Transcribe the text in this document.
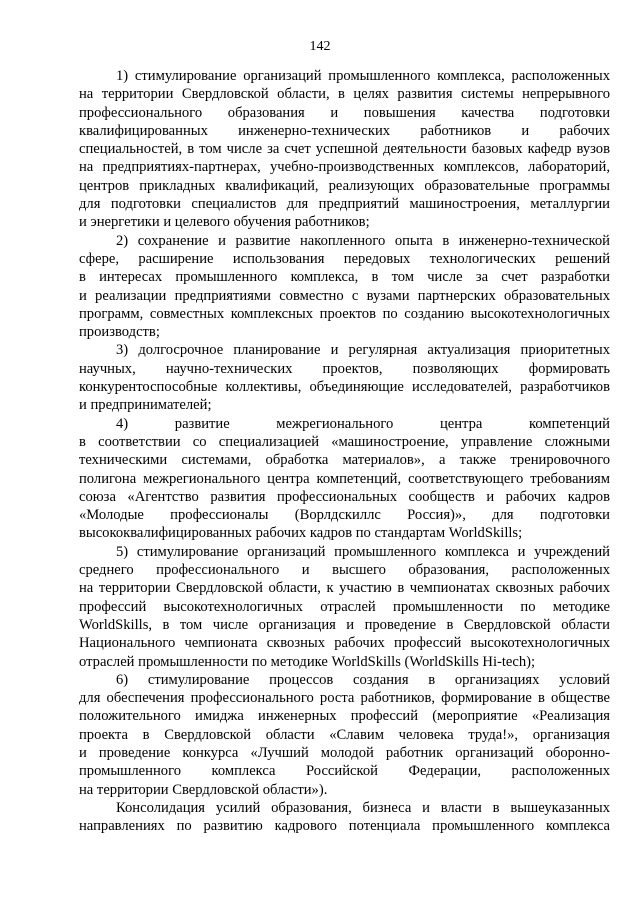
142
1) стимулирование организаций промышленного комплекса, расположенных
на территории Свердловской области, в целях развития системы непрерывного
профессионального образования и повышения качества подготовки
квалифицированных инженерно-технических работников и рабочих
специальностей, в том числе за счет успешной деятельности базовых кафедр вузов
на предприятиях-партнерах, учебно-производственных комплексов, лабораторий,
центров прикладных квалификаций, реализующих образовательные программы
для подготовки специалистов для предприятий машиностроения, металлургии
и энергетики и целевого обучения работников;
2) сохранение и развитие накопленного опыта в инженерно-технической
сфере, расширение использования передовых технологических решений
в интересах промышленного комплекса, в том числе за счет разработки
и реализации предприятиями совместно с вузами партнерских образовательных
программ, совместных комплексных проектов по созданию высокотехнологичных
производств;
3) долгосрочное планирование и регулярная актуализация приоритетных
научных, научно-технических проектов, позволяющих формировать
конкурентоспособные коллективы, объединяющие исследователей, разработчиков
и предпринимателей;
4) развитие межрегионального центра компетенций
в соответствии со специализацией «машиностроение, управление сложными
техническими системами, обработка материалов», а также тренировочного
полигона межрегионального центра компетенций, соответствующего требованиям
союза «Агентство развития профессиональных сообществ и рабочих кадров
«Молодые профессионалы (Ворлдскиллс Россия)», для подготовки
высококвалифицированных рабочих кадров по стандартам WorldSkills;
5) стимулирование организаций промышленного комплекса и учреждений
среднего профессионального и высшего образования, расположенных
на территории Свердловской области, к участию в чемпионатах сквозных рабочих
профессий высокотехнологичных отраслей промышленности по методике
WorldSkills, в том числе организация и проведение в Свердловской области
Национального чемпионата сквозных рабочих профессий высокотехнологичных
отраслей промышленности по методике WorldSkills (WorldSkills Hi-tech);
6) стимулирование процессов создания в организациях условий
для обеспечения профессионального роста работников, формирование в обществе
положительного имиджа инженерных профессий (мероприятие «Реализация
проекта в Свердловской области «Славим человека труда!», организация
и проведение конкурса «Лучший молодой работник организаций оборонно-
промышленного комплекса Российской Федерации, расположенных
на территории Свердловской области»).
Консолидация усилий образования, бизнеса и власти в вышеуказанных
направлениях по развитию кадрового потенциала промышленного комплекса
